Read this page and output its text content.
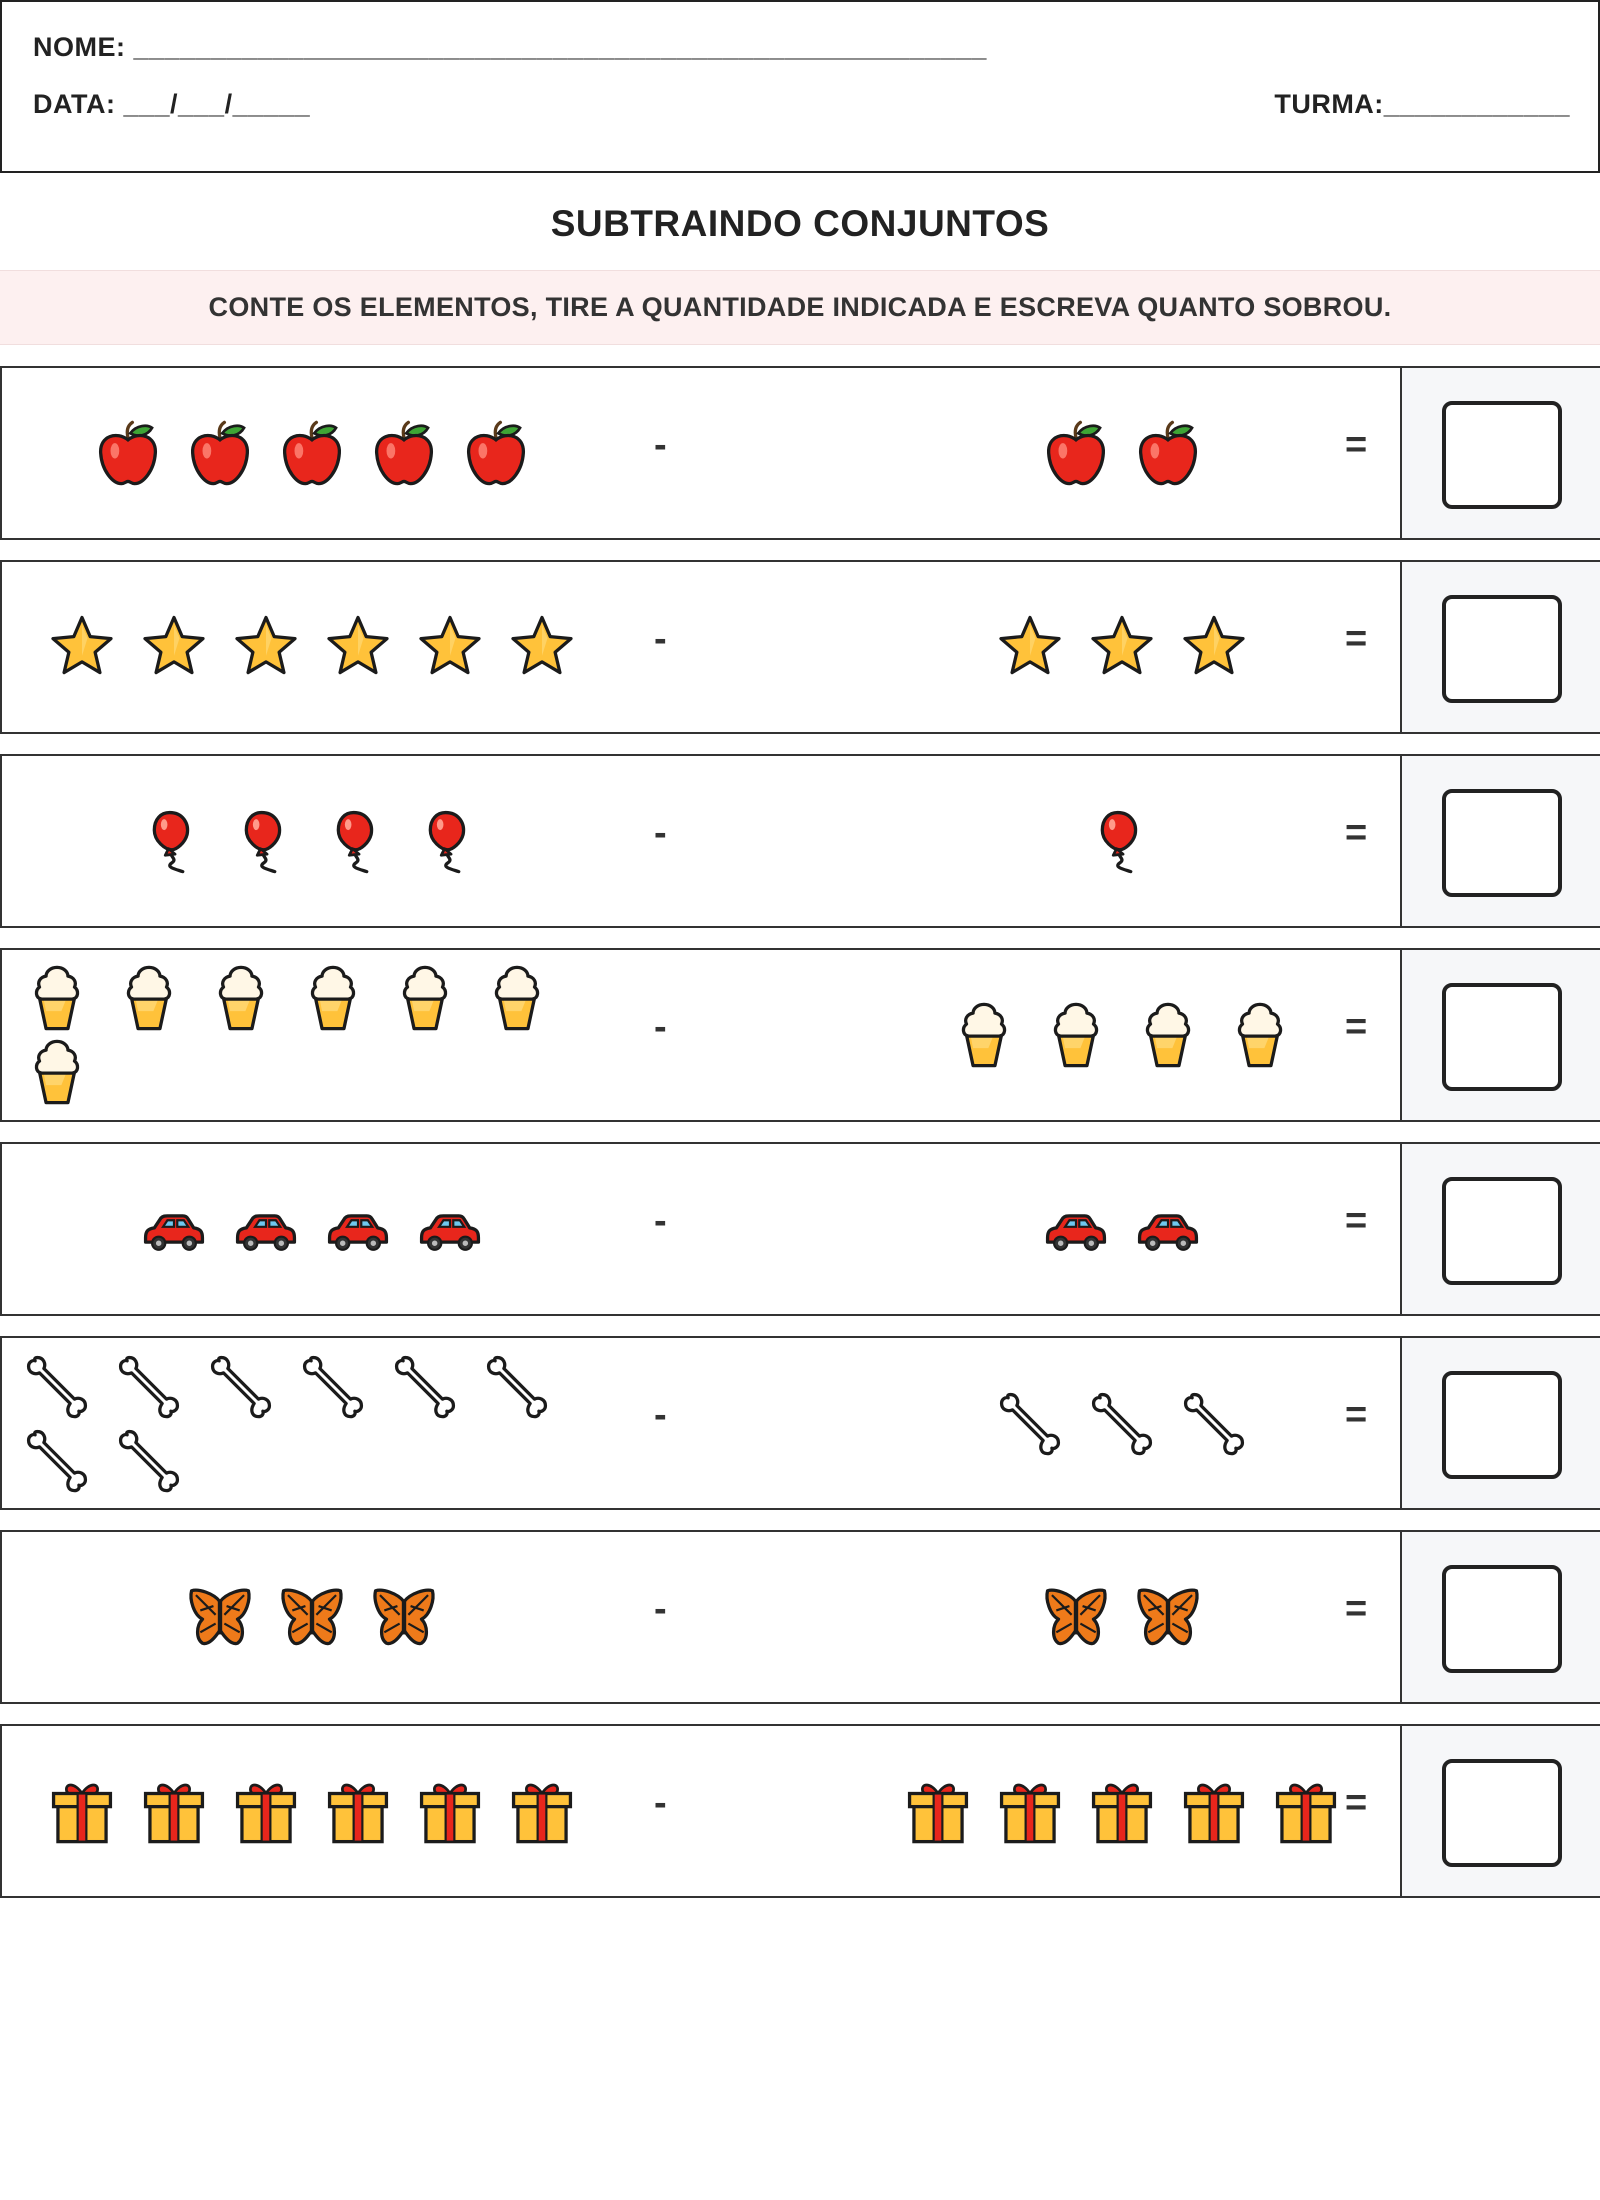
NOME: _______________________________________________________
DATA: ___/___/_____	TURMA:____________
SUBTRAINDO CONJUNTOS
CONTE OS ELEMENTOS, TIRE A QUANTIDADE INDICADA E ESCREVA QUANTO SOBROU.
-	=
-	=
-	=
-	=
-	=
-	=
-	=
-	=
